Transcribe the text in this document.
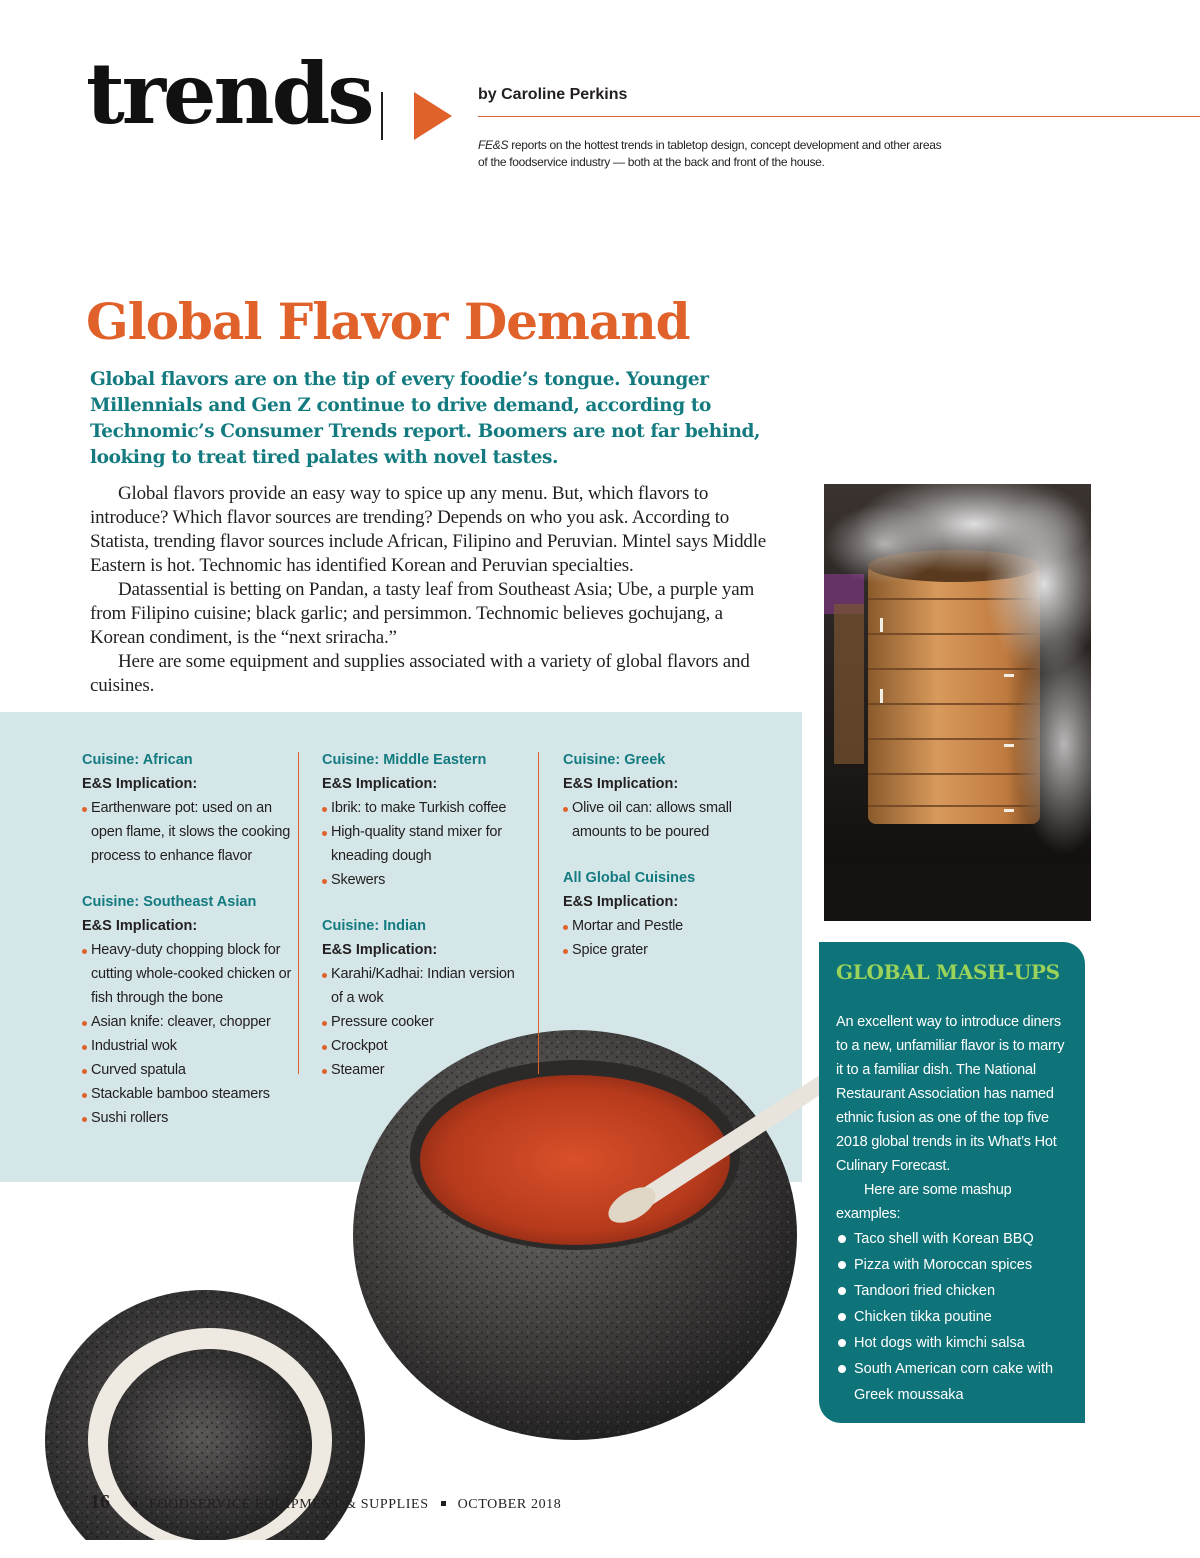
trends	by Caroline Perkins
FE&S reports on the hottest trends in tabletop design, concept development and other areas of the foodservice industry — both at the back and front of the house.
Global Flavor Demand
Global flavors are on the tip of every foodie’s tongue. Younger Millennials and Gen Z continue to drive demand, according to Technomic’s Consumer Trends report. Boomers are not far behind, looking to treat tired palates with novel tastes.

Global flavors provide an easy way to spice up any menu. But, which flavors to introduce? Which flavor sources are trending? Depends on who you ask. According to Statista, trending flavor sources include African, Filipino and Peruvian. Mintel says Middle Eastern is hot. Technomic has identified Korean and Peruvian specialties.

Datassential is betting on Pandan, a tasty leaf from Southeast Asia; Ube, a purple yam from Filipino cuisine; black garlic; and persimmon. Technomic believes gochujang, a Korean condiment, is the “next sriracha.”

Here are some equipment and supplies associated with a variety of global flavors and cuisines.

Cuisine: African
E&S Implication:
Earthenware pot: used on an open flame, it slows the cooking process to enhance flavor
Cuisine: Southeast Asian
E&S Implication:
Heavy-duty chopping block for cutting whole-cooked chicken or fish through the bone
Asian knife: cleaver, chopper
Industrial wok
Curved spatula
Stackable bamboo steamers
Sushi rollers
Cuisine: Middle Eastern
E&S Implication:
Ibrik: to make Turkish coffee
High-quality stand mixer for kneading dough
Skewers
Cuisine: Indian
E&S Implication:
Karahi/Kadhai: Indian version of a wok
Pressure cooker
Crockpot
Steamer
Cuisine: Greek
E&S Implication:
Olive oil can: allows small amounts to be poured
All Global Cuisines
E&S Implication:
Mortar and Pestle
Spice grater
GLOBAL MASH-UPS
An excellent way to introduce diners to a new, unfamiliar flavor is to marry it to a familiar dish. The National Restaurant Association has named ethnic fusion as one of the top five 2018 global trends in its What’s Hot Culinary Forecast.
Here are some mashup examples:
Taco shell with Korean BBQ
Pizza with Moroccan spices
Tandoori fried chicken
Chicken tikka poutine
Hot dogs with kimchi salsa
South American corn cake with Greek moussaka
16	FOODSERVICE EQUIPMENT & SUPPLIES OCTOBER 2018
